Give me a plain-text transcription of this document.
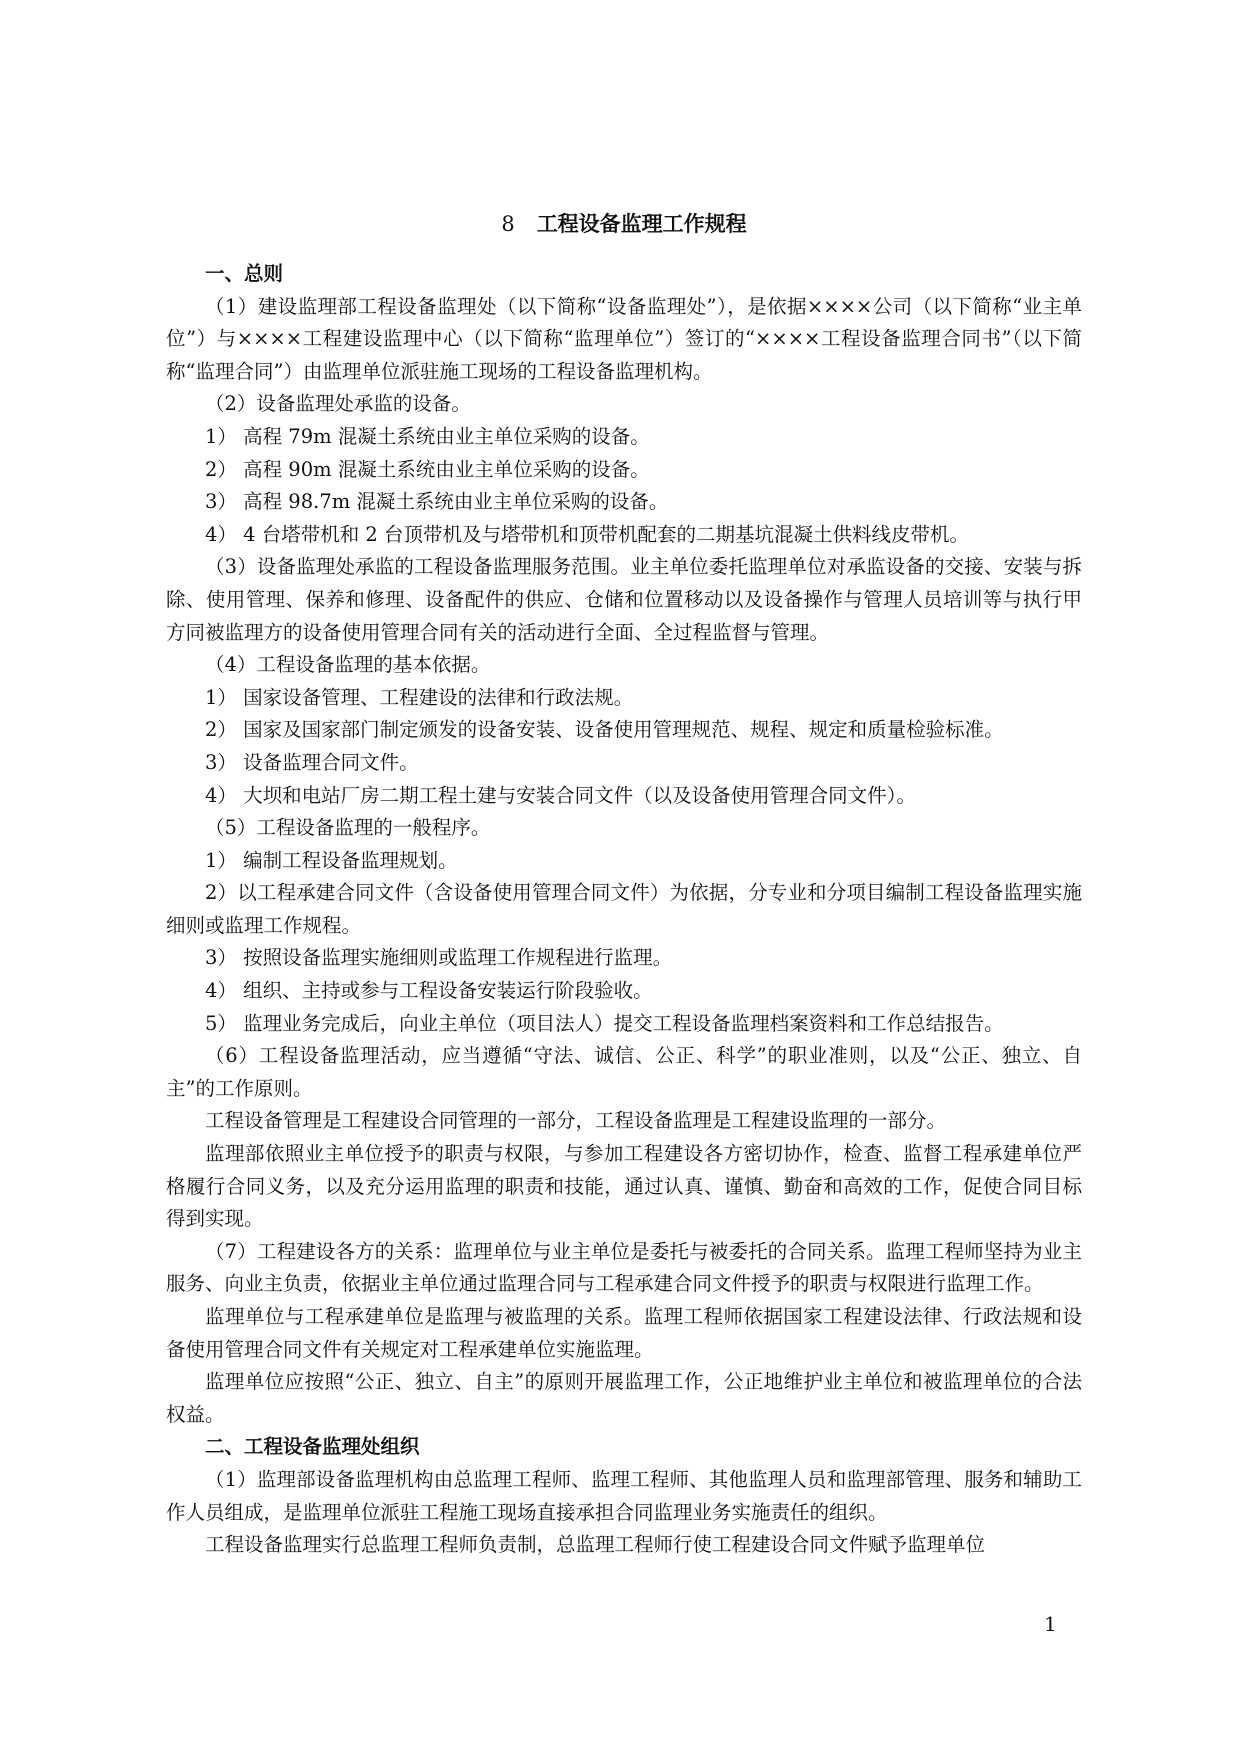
8 工程设备监理工作规程
一、总则

（1）建设监理部工程设备监理处（以下简称“设备监理处”），是依据××××公司（以下简称“业主单位”）与××××工程建设监理中心（以下简称“监理单位”）签订的“××××工程设备监理合同书”（以下简称“监理合同”）由监理单位派驻施工现场的工程设备监理机构。

（2）设备监理处承监的设备。

1） 高程 79m 混凝土系统由业主单位采购的设备。

2） 高程 90m 混凝土系统由业主单位采购的设备。

3） 高程 98.7m 混凝土系统由业主单位采购的设备。

4） 4 台塔带机和 2 台顶带机及与塔带机和顶带机配套的二期基坑混凝土供料线皮带机。

（3）设备监理处承监的工程设备监理服务范围。业主单位委托监理单位对承监设备的交接、安装与拆除、使用管理、保养和修理、设备配件的供应、仓储和位置移动以及设备操作与管理人员培训等与执行甲方同被监理方的设备使用管理合同有关的活动进行全面、全过程监督与管理。

（4）工程设备监理的基本依据。

1） 国家设备管理、工程建设的法律和行政法规。

2） 国家及国家部门制定颁发的设备安装、设备使用管理规范、规程、规定和质量检验标准。

3） 设备监理合同文件。

4） 大坝和电站厂房二期工程土建与安装合同文件（以及设备使用管理合同文件）。

（5）工程设备监理的一般程序。

1） 编制工程设备监理规划。

2）以工程承建合同文件（含设备使用管理合同文件）为依据，分专业和分项目编制工程设备监理实施细则或监理工作规程。

3） 按照设备监理实施细则或监理工作规程进行监理。

4） 组织、主持或参与工程设备安装运行阶段验收。

5） 监理业务完成后，向业主单位（项目法人）提交工程设备监理档案资料和工作总结报告。

（6）工程设备监理活动，应当遵循“守法、诚信、公正、科学”的职业准则，以及“公正、独立、自主”的工作原则。

工程设备管理是工程建设合同管理的一部分，工程设备监理是工程建设监理的一部分。

监理部依照业主单位授予的职责与权限，与参加工程建设各方密切协作，检查、监督工程承建单位严格履行合同义务，以及充分运用监理的职责和技能，通过认真、谨慎、勤奋和高效的工作，促使合同目标得到实现。

（7）工程建设各方的关系：监理单位与业主单位是委托与被委托的合同关系。监理工程师坚持为业主服务、向业主负责，依据业主单位通过监理合同与工程承建合同文件授予的职责与权限进行监理工作。

监理单位与工程承建单位是监理与被监理的关系。监理工程师依据国家工程建设法律、行政法规和设备使用管理合同文件有关规定对工程承建单位实施监理。

监理单位应按照“公正、独立、自主”的原则开展监理工作，公正地维护业主单位和被监理单位的合法权益。

二、工程设备监理处组织

（1）监理部设备监理机构由总监理工程师、监理工程师、其他监理人员和监理部管理、服务和辅助工作人员组成，是监理单位派驻工程施工现场直接承担合同监理业务实施责任的组织。

工程设备监理实行总监理工程师负责制，总监理工程师行使工程建设合同文件赋予监理单位

1
